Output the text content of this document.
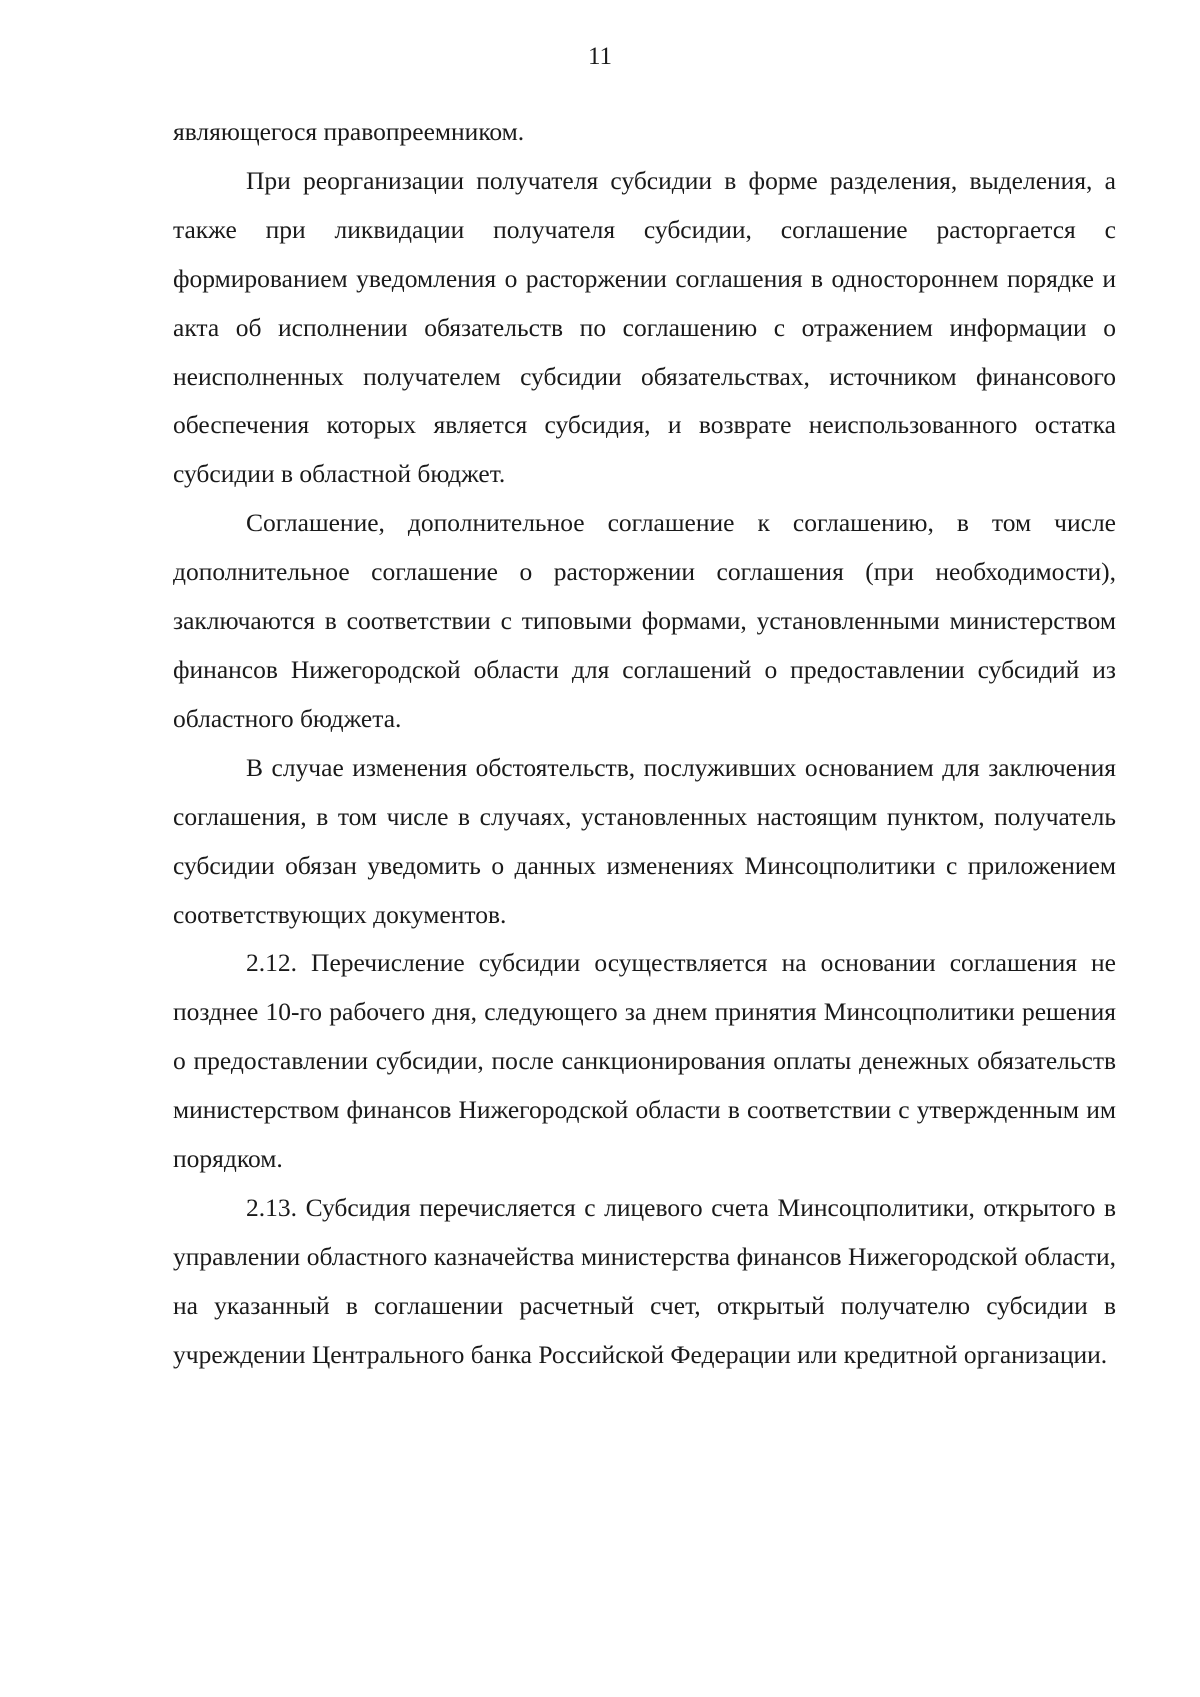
11

являющегося правопреемником.

При реорганизации получателя субсидии в форме разделения, выделения, а также при ликвидации получателя субсидии, соглашение расторгается с формированием уведомления о расторжении соглашения в одностороннем порядке и акта об исполнении обязательств по соглашению с отражением информации о неисполненных получателем субсидии обязательствах, источником финансового обеспечения которых является субсидия, и возврате неиспользованного остатка субсидии в областной бюджет.

Соглашение, дополнительное соглашение к соглашению, в том числе дополнительное соглашение о расторжении соглашения (при необходимости), заключаются в соответствии с типовыми формами, установленными министерством финансов Нижегородской области для соглашений о предоставлении субсидий из областного бюджета.

В случае изменения обстоятельств, послуживших основанием для заключения соглашения, в том числе в случаях, установленных настоящим пунктом, получатель субсидии обязан уведомить о данных изменениях Минсоцполитики с приложением соответствующих документов.

2.12. Перечисление субсидии осуществляется на основании соглашения не позднее 10-го рабочего дня, следующего за днем принятия Минсоцполитики решения о предоставлении субсидии, после санкционирования оплаты денежных обязательств министерством финансов Нижегородской области в соответствии с утвержденным им порядком.

2.13. Субсидия перечисляется с лицевого счета Минсоцполитики, открытого в управлении областного казначейства министерства финансов Нижегородской области, на указанный в соглашении расчетный счет, открытый получателю субсидии в учреждении Центрального банка Российской Федерации или кредитной организации.
